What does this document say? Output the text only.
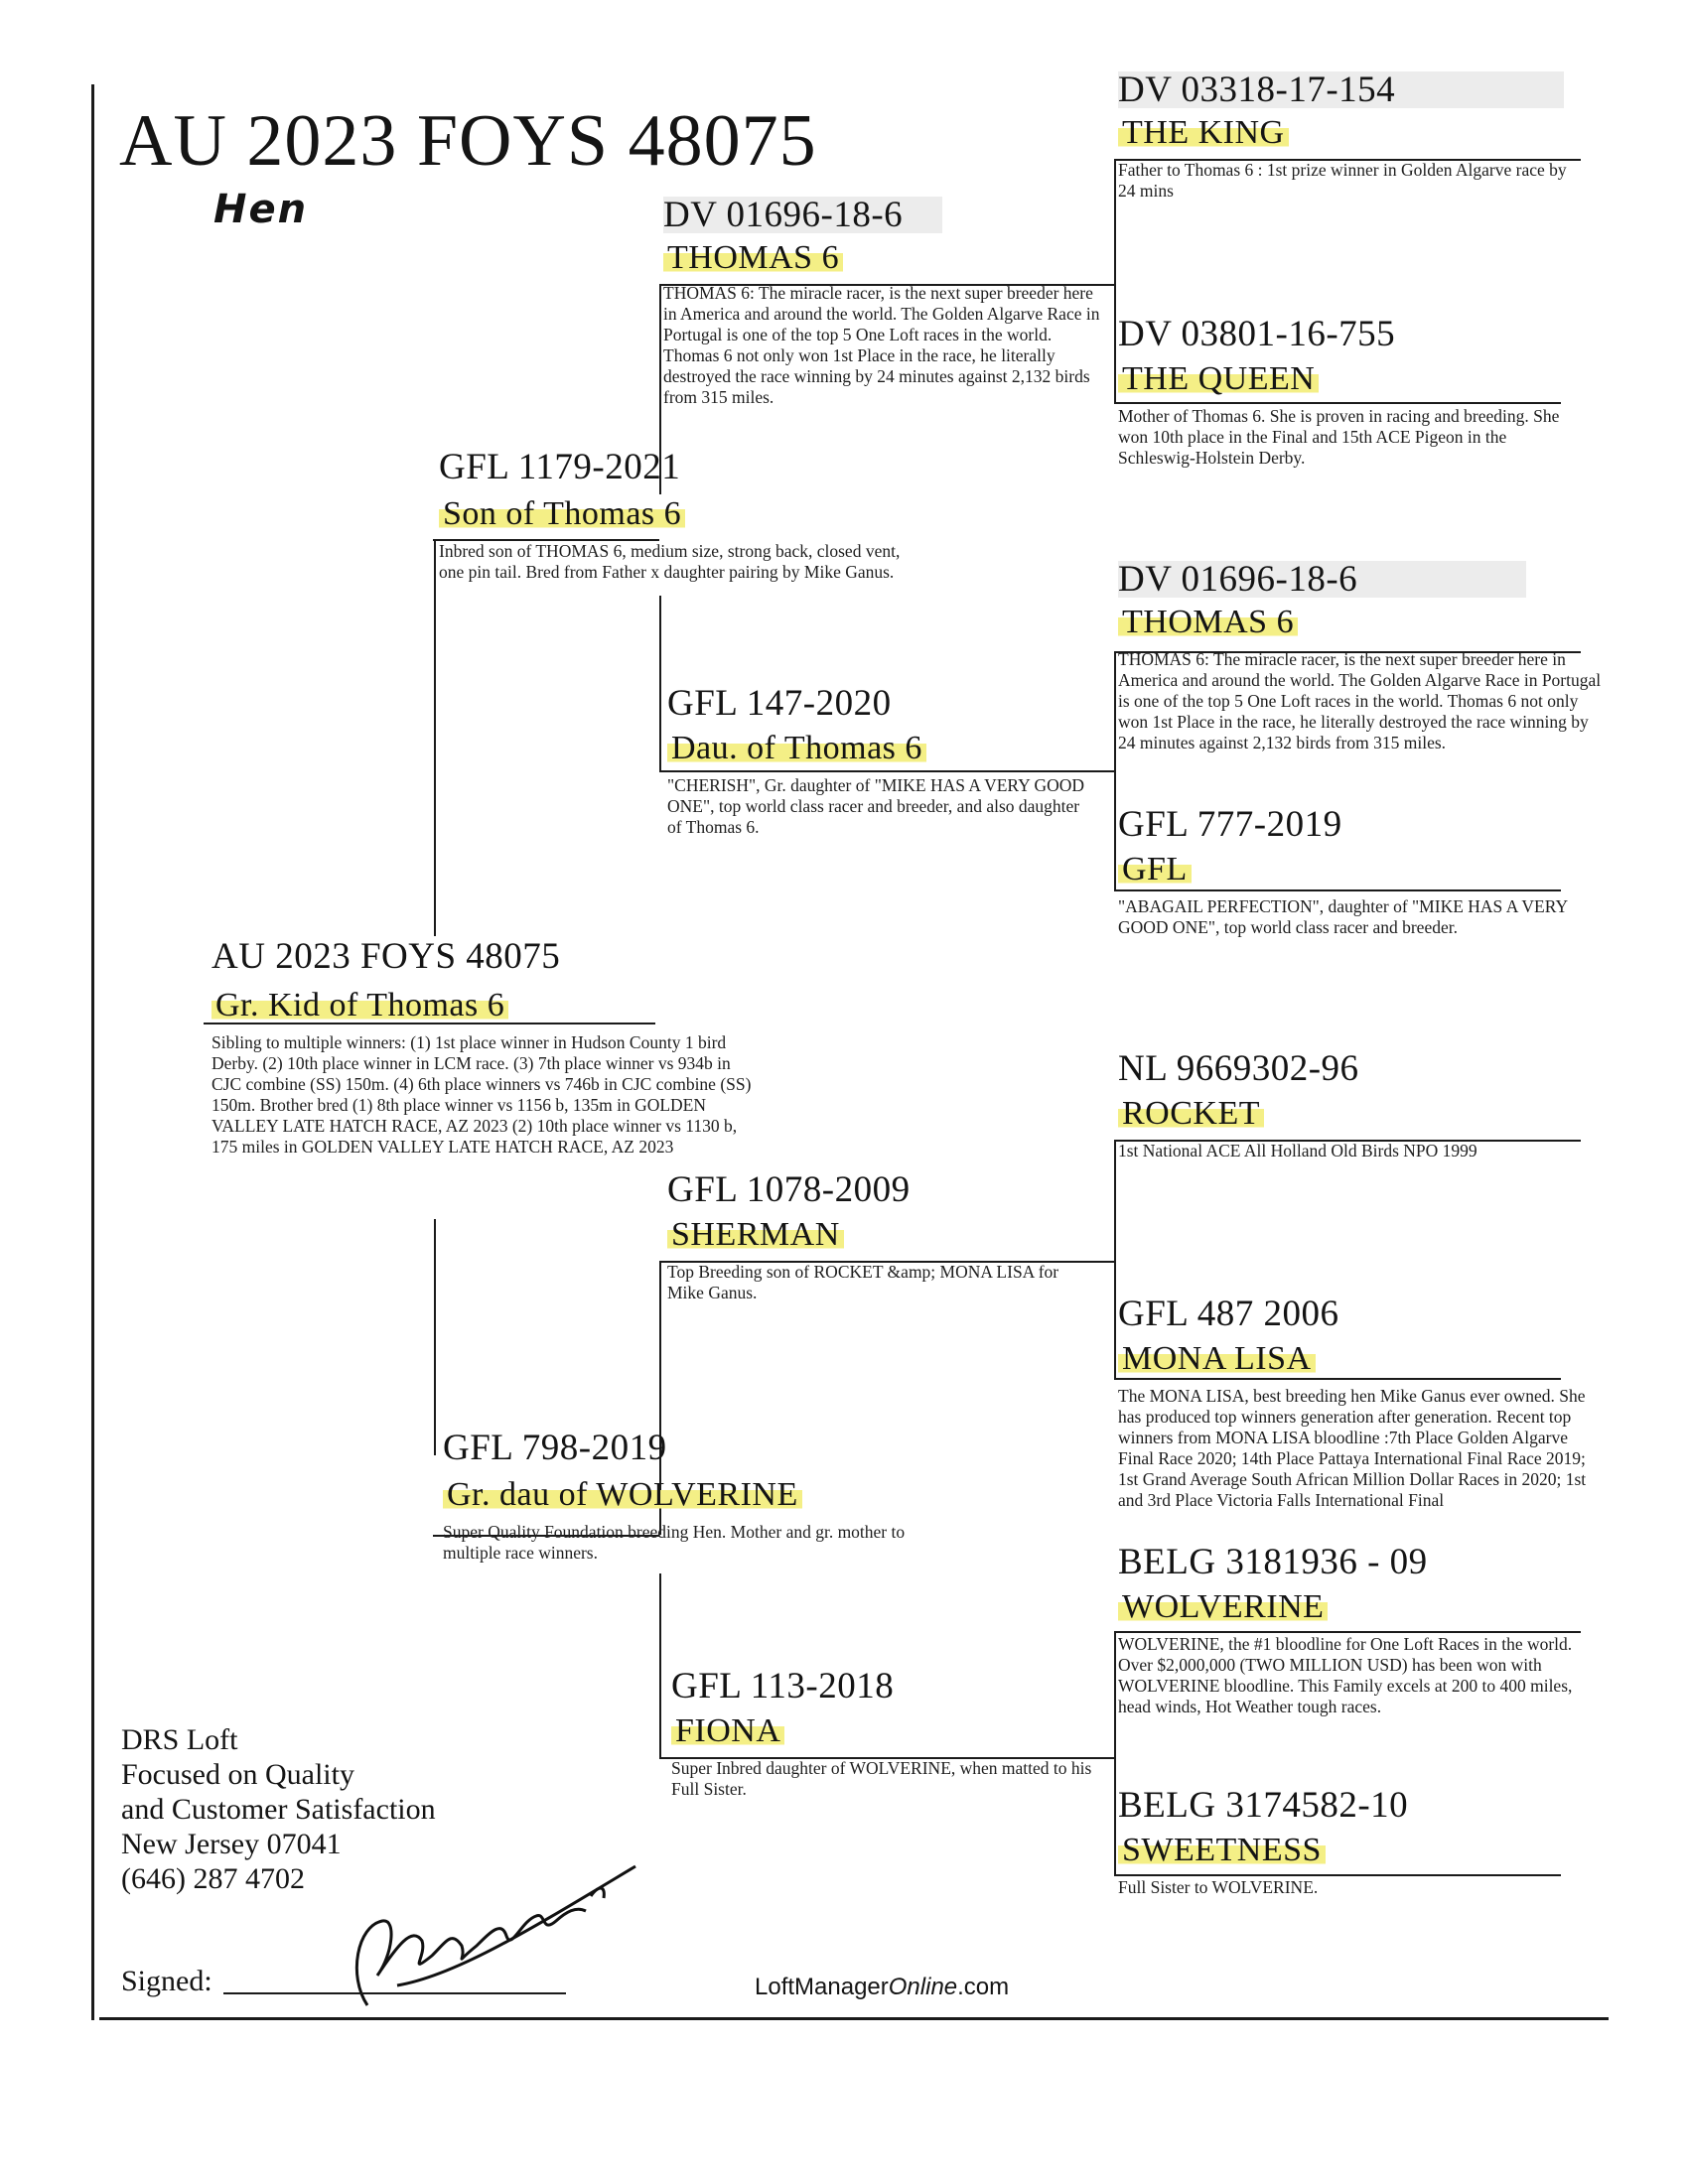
AU 2023 FOYS 48075
Hen
AU 2023 FOYS 48075
Gr. Kid of Thomas 6
Sibling to multiple winners: (1) 1st place winner in Hudson County 1 bird Derby. (2) 10th place winner in LCM race. (3) 7th place winner vs 934b in CJC combine (SS) 150m. (4) 6th place winners vs 746b in CJC combine (SS) 150m. Brother bred (1) 8th place winner vs 1156 b, 135m in GOLDEN VALLEY LATE HATCH RACE, AZ 2023 (2) 10th place winner vs 1130 b, 175 miles in GOLDEN VALLEY LATE HATCH RACE, AZ 2023
GFL 1179-2021
Son of Thomas 6
Inbred son of THOMAS 6, medium size, strong back, closed vent, one pin tail. Bred from Father x daughter pairing by Mike Ganus.
GFL 798-2019
Gr. dau of WOLVERINE
Super Quality Foundation breeding Hen. Mother and gr. mother to multiple race winners.
DV 01696-18-6
THOMAS 6
THOMAS 6: The miracle racer, is the next super breeder here in America and around the world. The Golden Algarve Race in Portugal is one of the top 5 One Loft races in the world. Thomas 6 not only won 1st Place in the race, he literally destroyed the race winning by 24 minutes against 2,132 birds from 315 miles.
GFL 147-2020
Dau. of Thomas 6
"CHERISH", Gr. daughter of "MIKE HAS A VERY GOOD ONE", top world class racer and breeder, and also daughter of Thomas 6.
GFL 1078-2009
SHERMAN
Top Breeding son of ROCKET &amp; MONA LISA for Mike Ganus.
GFL 113-2018
FIONA
Super Inbred daughter of WOLVERINE, when matted to his Full Sister.
DV 03318-17-154
THE KING
Father to Thomas 6 : 1st prize winner in Golden Algarve race by 24 mins
DV 03801-16-755
THE QUEEN
Mother of Thomas 6. She is proven in racing and breeding. She won 10th place in the Final and 15th ACE Pigeon in the Schleswig-Holstein Derby.
DV 01696-18-6
THOMAS 6
THOMAS 6: The miracle racer, is the next super breeder here in America and around the world. The Golden Algarve Race in Portugal is one of the top 5 One Loft races in the world. Thomas 6 not only won 1st Place in the race, he literally destroyed the race winning by 24 minutes against 2,132 birds from 315 miles.
GFL 777-2019
GFL
"ABAGAIL PERFECTION", daughter of "MIKE HAS A VERY GOOD ONE", top world class racer and breeder.
NL 9669302-96
ROCKET
1st National ACE All Holland Old Birds NPO 1999
GFL 487 2006
MONA LISA
The MONA LISA, best breeding hen Mike Ganus ever owned. She has produced top winners generation after generation. Recent top winners from MONA LISA bloodline :7th Place Golden Algarve Final Race 2020; 14th Place Pattaya International Final Race 2019; 1st Grand Average South African Million Dollar Races in 2020; 1st and 3rd Place Victoria Falls International Final
BELG 3181936 - 09
WOLVERINE
WOLVERINE, the #1 bloodline for One Loft Races in the world. Over $2,000,000 (TWO MILLION USD) has been won with WOLVERINE bloodline. This Family excels at 200 to 400 miles, head winds, Hot Weather tough races.
BELG 3174582-10
SWEETNESS
Full Sister to WOLVERINE.
DRS Loft
Focused on Quality
and Customer Satisfaction
New Jersey 07041
(646) 287 4702
Signed:	LoftManagerOnline.com
